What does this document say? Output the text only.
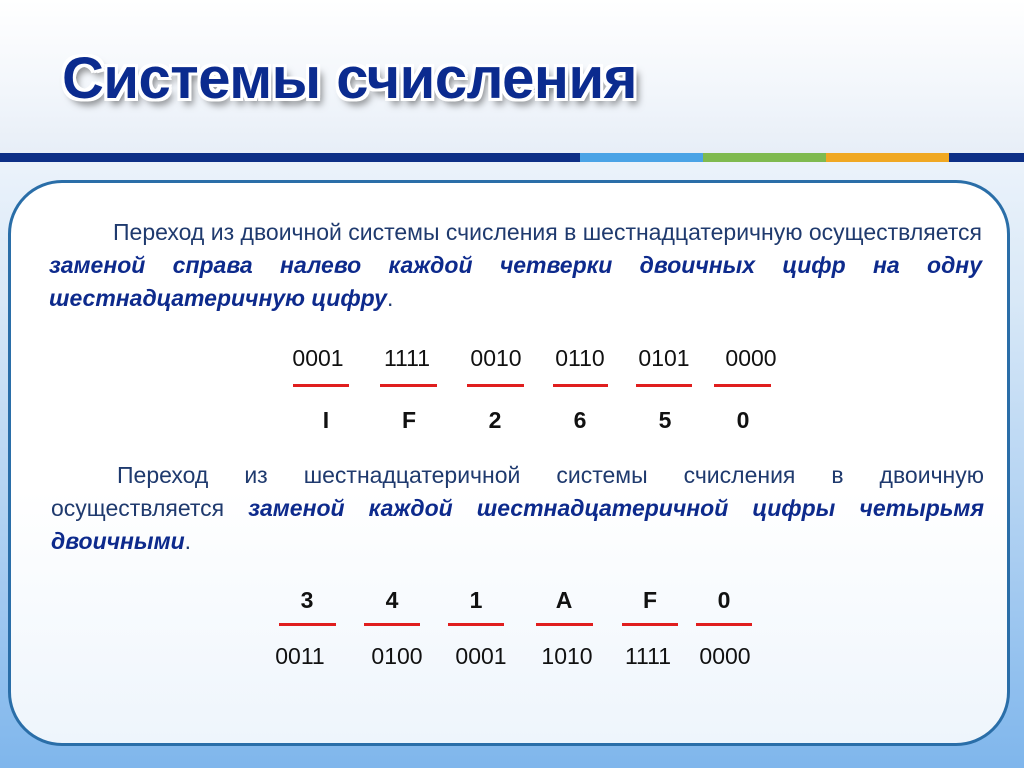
Системы счисления

Переход из двоичной системы счисления в шестнадцатеричную осуществляется заменой справа налево каждой четверки двоичных цифр на одну шестнадцатеричную цифру.

0001 1111 0010 0110 0101 0000
I	F	2	6	5	0

Переход из шестнадцатеричной системы счисления в двоичную осуществляется заменой каждой шестнадцатеричной цифры четырьмя двоичными.

3	4	1	A	F	0
0011 0100 0001 1010 1111 0000
